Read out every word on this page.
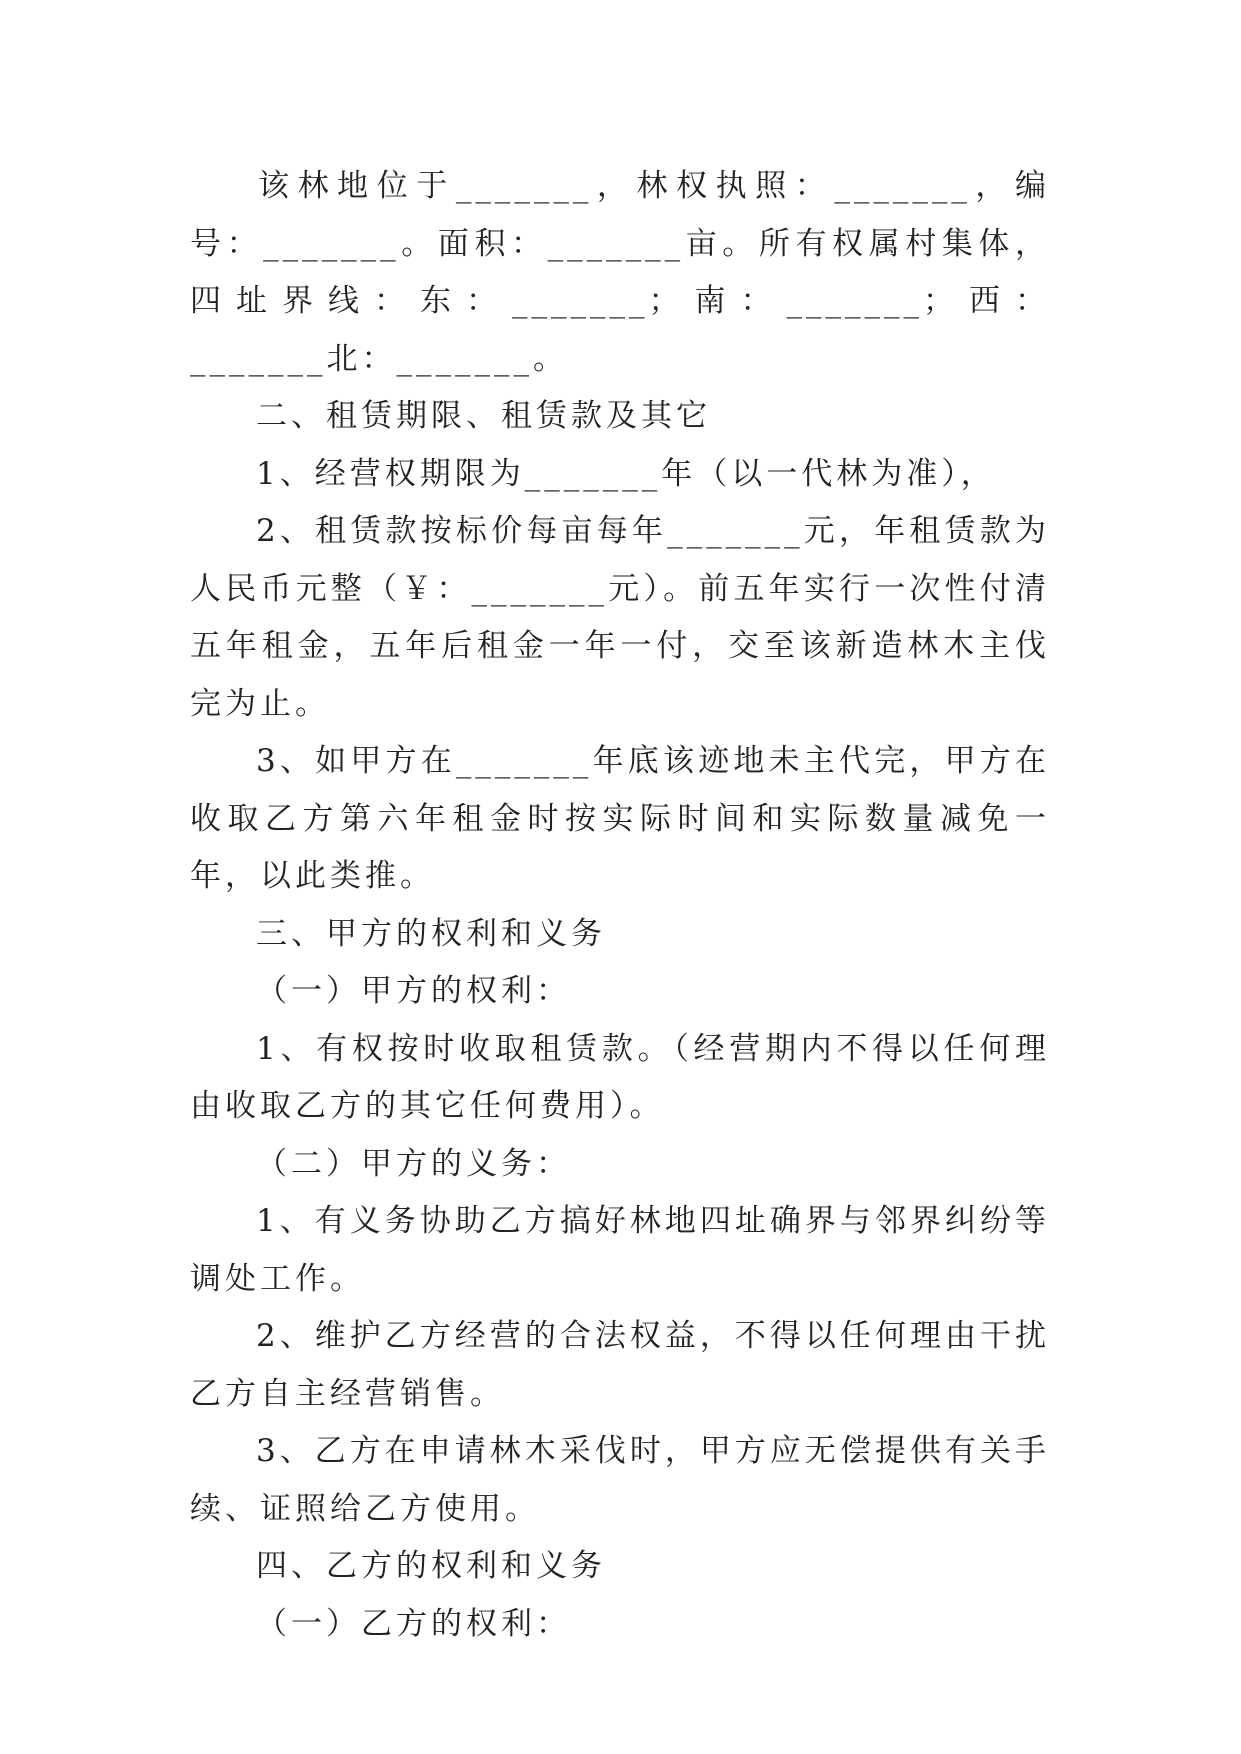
该林地位于_______，林权执照：_______，编号：_______。面积：_______亩。所有权属村集体，四址界线：东：_______；南：_______；西：_______北：_______。

二、租赁期限、租赁款及其它

1、经营权期限为_______年（以一代林为准），

2、租赁款按标价每亩每年_______元，年租赁款为人民币元整（￥：_______元）。前五年实行一次性付清五年租金，五年后租金一年一付，交至该新造林木主伐完为止。

3、如甲方在_______年底该迹地未主代完，甲方在收取乙方第六年租金时按实际时间和实际数量减免一年，以此类推。

三、甲方的权利和义务

（一）甲方的权利：

1、有权按时收取租赁款。（经营期内不得以任何理由收取乙方的其它任何费用）。

（二）甲方的义务：

1、有义务协助乙方搞好林地四址确界与邻界纠纷等调处工作。

2、维护乙方经营的合法权益，不得以任何理由干扰乙方自主经营销售。

3、乙方在申请林木采伐时，甲方应无偿提供有关手续、证照给乙方使用。

四、乙方的权利和义务

（一）乙方的权利：
